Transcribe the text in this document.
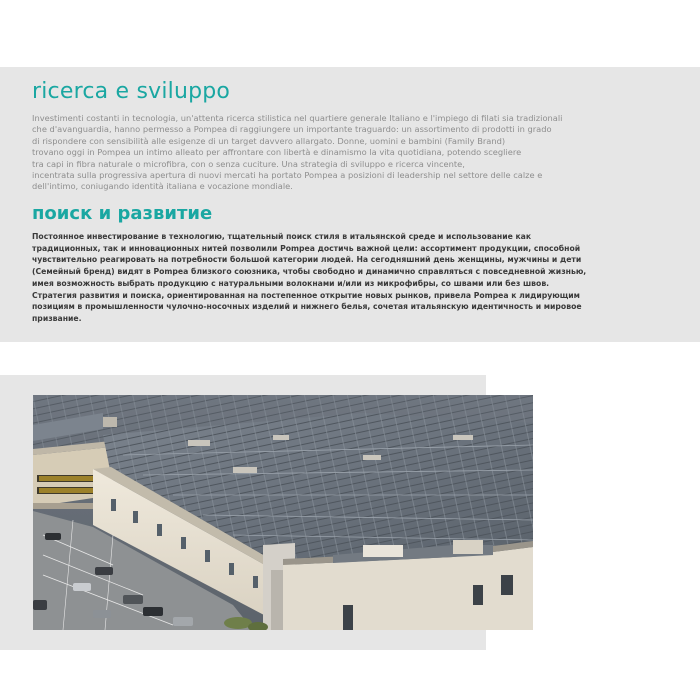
ricerca e sviluppo
Investimenti costanti in tecnologia, un'attenta ricerca stilistica nel quartiere generale Italiano e l'impiego di filati sia tradizionali
che d'avanguardia, hanno permesso a Pompea di raggiungere un importante traguardo: un assortimento di prodotti in grado
di rispondere con sensibilità alle esigenze di un target davvero allargato. Donne, uomini e bambini (Family Brand)
trovano oggi in Pompea un intimo alleato per affrontare con libertà e dinamismo la vita quotidiana, potendo scegliere
tra capi in fibra naturale o microfibra, con o senza cuciture. Una strategia di sviluppo e ricerca vincente,
incentrata sulla progressiva apertura di nuovi mercati ha portato Pompea a posizioni di leadership nel settore delle calze e
dell'intimo, coniugando identità italiana e vocazione mondiale.
поиск и развитие
Постоянное инвестирование в технологию, тщательный поиск стиля в итальянской среде и использование как
традиционных, так и инновационных нитей позволили Pompea достичь важной цели: ассортимент продукции, способной
чувствительно реагировать на потребности большой категории людей. На сегодняшний день женщины, мужчины и дети
(Семейный бренд) видят в Pompea близкого союзника, чтобы свободно и динамично справляться с повседневной жизнью,
имея возможность выбрать продукцию с натуральными волокнами и/или из микрофибры, со швами или без швов.
Стратегия развития и поиска, ориентированная на постепенное открытие новых рынков, привела Pompea к лидирующим
позициям в промышленности чулочно-носочных изделий и нижнего белья, сочетая итальянскую идентичность и мировое
призвание.
